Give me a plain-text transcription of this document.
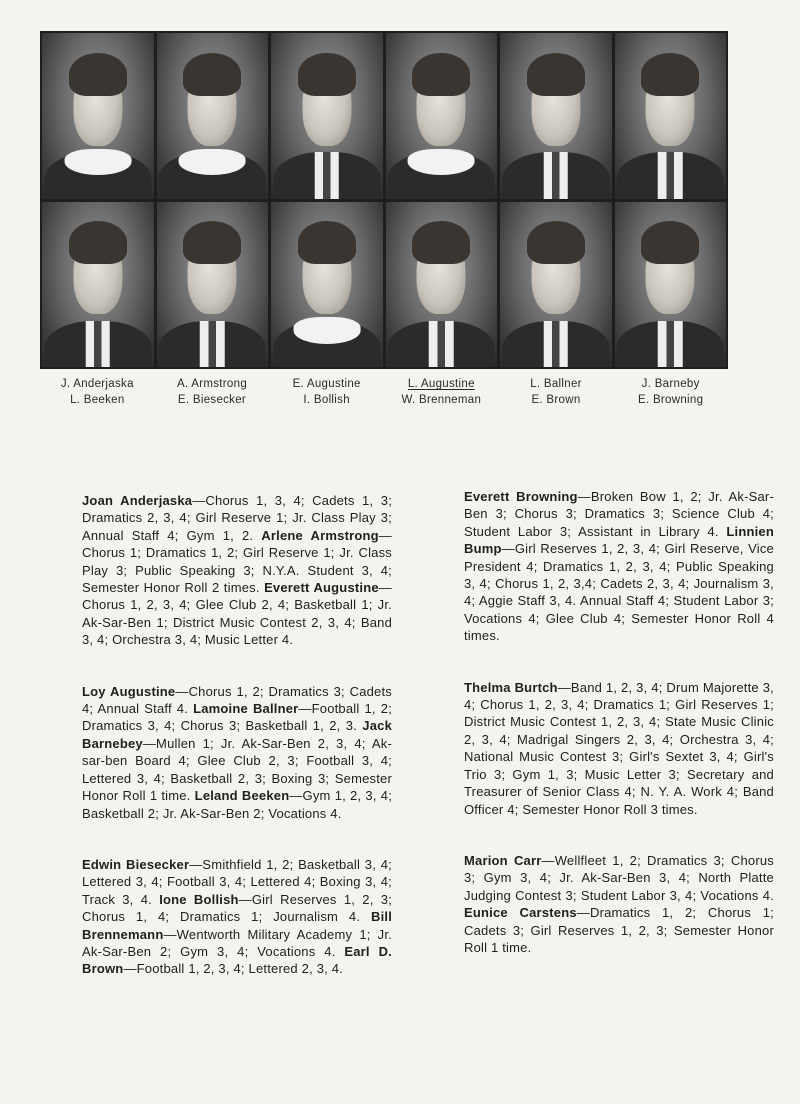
J. Anderjaska
L. Beeken
A. Armstrong
E. Biesecker
E. Augustine
I. Bollish
L. Augustine
W. Brenneman
L. Ballner
E. Brown
J. Barneby
E. Browning

Joan Anderjaska—Chorus 1, 3, 4; Cadets 1, 3; Dramatics 2, 3, 4; Girl Reserve 1; Jr. Class Play 3; Annual Staff 4; Gym 1, 2. Arlene Armstrong—Chorus 1; Dramatics 1, 2; Girl Reserve 1; Jr. Class Play 3; Public Speaking 3; N.Y.A. Student 3, 4; Semester Honor Roll 2 times. Everett Augustine—Chorus 1, 2, 3, 4; Glee Club 2, 4; Basketball 1; Jr. Ak-Sar-Ben 1; District Music Contest 2, 3, 4; Band 3, 4; Orchestra 3, 4; Music Letter 4.

Loy Augustine—Chorus 1, 2; Dramatics 3; Cadets 4; Annual Staff 4. Lamoine Ballner—Football 1, 2; Dramatics 3, 4; Chorus 3; Basketball 1, 2, 3. Jack Barnebey—Mullen 1; Jr. Ak-Sar-Ben 2, 3, 4; Ak-sar-ben Board 4; Glee Club 2, 3; Football 3, 4; Lettered 3, 4; Basketball 2, 3; Boxing 3; Semester Honor Roll 1 time. Leland Beeken—Gym 1, 2, 3, 4; Basketball 2; Jr. Ak-Sar-Ben 2; Vocations 4.

Edwin Biesecker—Smithfield 1, 2; Basketball 3, 4; Lettered 3, 4; Football 3, 4; Lettered 4; Boxing 3, 4; Track 3, 4. Ione Bollish—Girl Reserves 1, 2, 3; Chorus 1, 4; Dramatics 1; Journalism 4. Bill Brennemann—Wentworth Military Academy 1; Jr. Ak-Sar-Ben 2; Gym 3, 4; Vocations 4. Earl D. Brown—Football 1, 2, 3, 4; Lettered 2, 3, 4.

Everett Browning—Broken Bow 1, 2; Jr. Ak-Sar-Ben 3; Chorus 3; Dramatics 3; Science Club 4; Student Labor 3; Assistant in Library 4. Linnien Bump—Girl Reserves 1, 2, 3, 4; Girl Reserve, Vice President 4; Dramatics 1, 2, 3, 4; Public Speaking 3, 4; Chorus 1, 2, 3,4; Cadets 2, 3, 4; Journalism 3, 4; Aggie Staff 3, 4. Annual Staff 4; Student Labor 3; Vocations 4; Glee Club 4; Semester Honor Roll 4 times.

Thelma Burtch—Band 1, 2, 3, 4; Drum Majorette 3, 4; Chorus 1, 2, 3, 4; Dramatics 1; Girl Reserves 1; District Music Contest 1, 2, 3, 4; State Music Clinic 2, 3, 4; Madrigal Singers 2, 3, 4; Orchestra 3, 4; National Music Contest 3; Girl's Sextet 3, 4; Girl's Trio 3; Gym 1, 3; Music Letter 3; Secretary and Treasurer of Senior Class 4; N. Y. A. Work 4; Band Officer 4; Semester Honor Roll 3 times.

Marion Carr—Wellfleet 1, 2; Dramatics 3; Chorus 3; Gym 3, 4; Jr. Ak-Sar-Ben 3, 4; North Platte Judging Contest 3; Student Labor 3, 4; Vocations 4. Eunice Carstens—Dramatics 1, 2; Chorus 1; Cadets 3; Girl Reserves 1, 2, 3; Semester Honor Roll 1 time.
